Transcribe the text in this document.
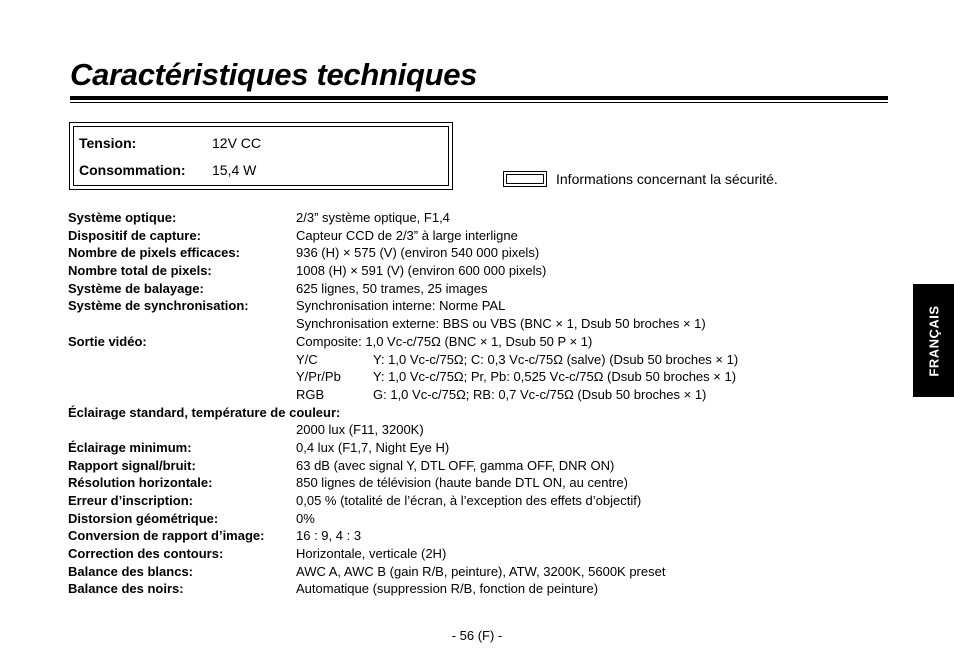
Caractéristiques techniques
Tension:	12V CC
Consommation: 15,4 W
Informations concernant la sécurité.
Système optique:	2/3” système optique, F1,4
Dispositif de capture:	Capteur CCD de 2/3” à large interligne
Nombre de pixels efficaces:	936 (H) × 575 (V) (environ 540 000 pixels)
Nombre total de pixels:	1008 (H) × 591 (V) (environ 600 000 pixels)
Système de balayage:	625 lignes, 50 trames, 25 images
Système de synchronisation:	Synchronisation interne: Norme PAL
Synchronisation externe: BBS ou VBS (BNC × 1, Dsub 50 broches × 1)
Sortie vidéo:	Composite: 1,0 Vc-c/75Ω (BNC × 1, Dsub 50 P × 1)
Y/C	Y: 1,0 Vc-c/75Ω; C: 0,3 Vc-c/75Ω (salve) (Dsub 50 broches × 1)
Y/Pr/Pb Y: 1,0 Vc-c/75Ω; Pr, Pb: 0,525 Vc-c/75Ω (Dsub 50 broches × 1)
RGB	G: 1,0 Vc-c/75Ω; RB: 0,7 Vc-c/75Ω (Dsub 50 broches × 1)
Éclairage standard, température de couleur:
2000 lux (F11, 3200K)
Éclairage minimum:	0,4 lux (F1,7, Night Eye H)
Rapport signal/bruit:	63 dB (avec signal Y, DTL OFF, gamma OFF, DNR ON)
Résolution horizontale:	850 lignes de télévision (haute bande DTL ON, au centre)
Erreur d’inscription:	0,05 % (totalité de l’écran, à l’exception des effets d’objectif)
Distorsion géométrique:	0%
Conversion de rapport d’image: 16 : 9, 4 : 3
Correction des contours:	Horizontale, verticale (2H)
Balance des blancs:	AWC A, AWC B (gain R/B, peinture), ATW, 3200K, 5600K preset
Balance des noirs:	Automatique (suppression R/B, fonction de peinture)
FRANÇAIS
- 56 (F) -
